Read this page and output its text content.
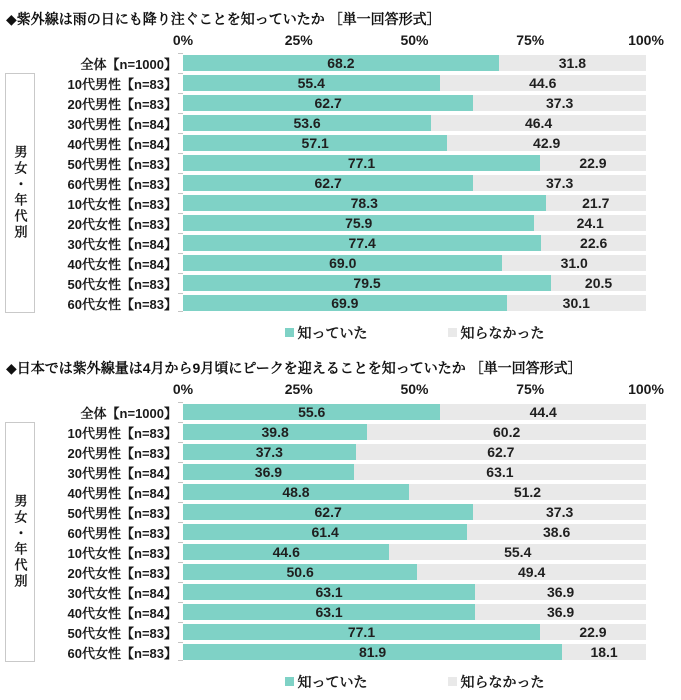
◆紫外線は雨の日にも降り注ぐことを知っていたか ［単一回答形式］
0%	25%	50%	75%	100%
男女・年代別
全体【n=1000】	68.2	31.8
10代男性【n=83】	55.4	44.6
20代男性【n=83】	62.7	37.3
30代男性【n=84】	53.6	46.4
40代男性【n=84】	57.1	42.9
50代男性【n=83】	77.1	22.9
60代男性【n=83】	62.7	37.3
10代女性【n=83】	78.3	21.7
20代女性【n=83】	75.9	24.1
30代女性【n=84】	77.4	22.6
40代女性【n=84】	69.0	31.0
50代女性【n=83】	79.5	20.5
60代女性【n=83】	69.9	30.1
知っていた	知らなかった
◆日本では紫外線量は4月から9月頃にピークを迎えることを知っていたか ［単一回答形式］
0%	25%	50%	75%	100%
男女・年代別
全体【n=1000】	55.6	44.4
10代男性【n=83】	39.8	60.2
20代男性【n=83】	37.3	62.7
30代男性【n=84】	36.9	63.1
40代男性【n=84】	48.8	51.2
50代男性【n=83】	62.7	37.3
60代男性【n=83】	61.4	38.6
10代女性【n=83】	44.6	55.4
20代女性【n=83】	50.6	49.4
30代女性【n=84】	63.1	36.9
40代女性【n=84】	63.1	36.9
50代女性【n=83】	77.1	22.9
60代女性【n=83】	81.9	18.1
知っていた	知らなかった
